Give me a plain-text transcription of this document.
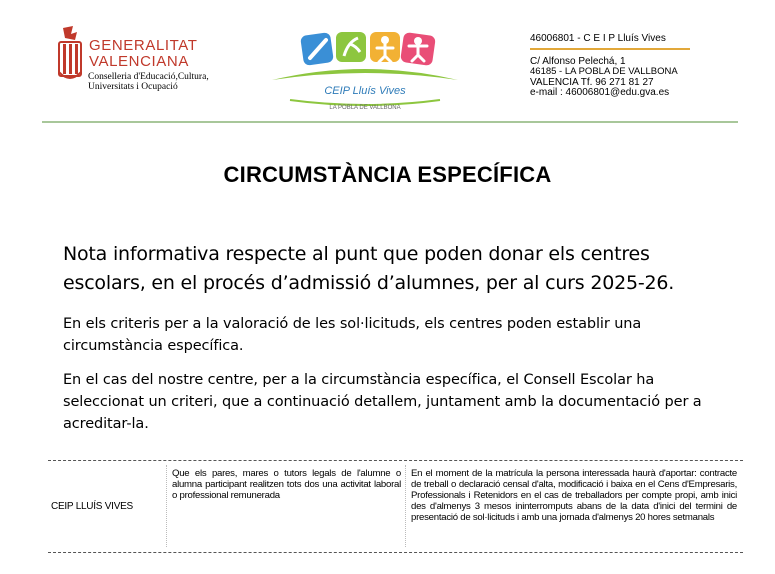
GENERALITAT
VALENCIANA
Conselleria d'Educació,Cultura,
Universitats i Ocupació	CEIP Lluís Vives
LA POBLA DE VALLBONA
46006801 - C E I P Lluís Vives
C/ Alfonso Pelechá, 1
46185 - LA POBLA DE VALLBONA
VALENCIA Tf. 96 271 81 27
e-mail : 46006801@edu.gva.es
CIRCUMSTÀNCIA ESPECÍFICA
Nota informativa respecte al punt que poden donar els centres escolars, en el procés d’admissió d’alumnes, per al curs 2025-26.
En els criteris per a la valoració de les sol·licituds, els centres poden establir una circumstància específica.
En el cas del nostre centre, per a la circumstància específica, el Consell Escolar ha seleccionat un criteri, que a continuació detallem, juntament amb la documentació per a acreditar-la.
CEIP LLUÍS VIVES
Que els pares, mares o tutors legals de l'alumne o alumna participant realitzen tots dos una activitat laboral o professional remunerada
En el moment de la matrícula la persona interessada haurà d'aportar: contracte de treball o declaració censal d'alta, modificació i baixa en el Cens d'Empresaris, Professionals i Retenidors en el cas de treballadors per compte propi, amb inici des d'almenys 3 mesos ininterromputs abans de la data d'inici del termini de presentació de sol·licituds i amb una jornada d'almenys 20 hores setmanals
